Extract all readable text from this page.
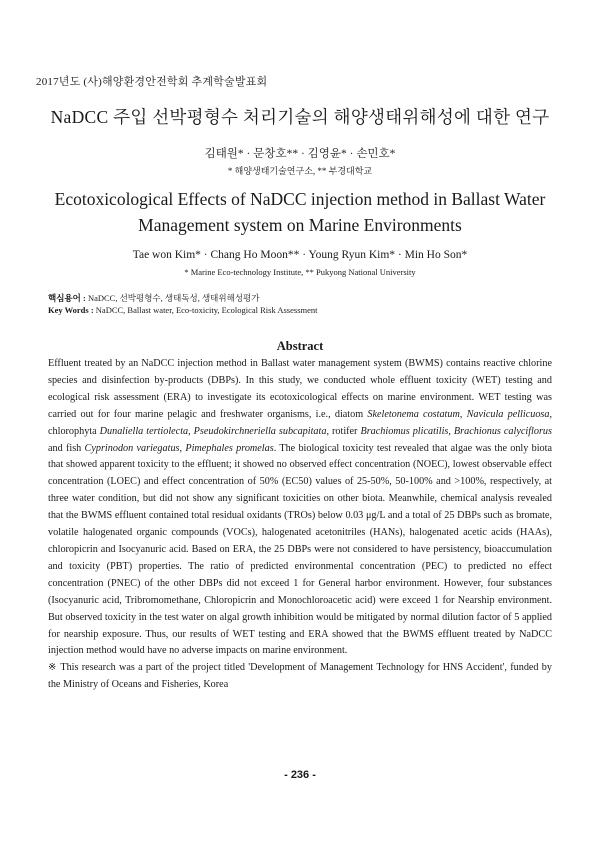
2017년도 (사)해양환경안전학회 추계학술발표회
NaDCC 주입 선박평형수 처리기술의 해양생태위해성에 대한 연구
김태원* · 문창호** · 김영윤* · 손민호*
* 해양생태기술연구소, ** 부경대학교
Ecotoxicological Effects of NaDCC injection method in Ballast Water
Management system on Marine Environments
Tae won Kim* · Chang Ho Moon** · Young Ryun Kim* · Min Ho Son*
* Marine Eco-technology Institute, ** Pukyong National University
핵심용어 : NaDCC, 선박평형수, 생태독성, 생태위해성평가
Key Words : NaDCC, Ballast water, Eco-toxicity, Ecological Risk Assessment
Abstract
Effluent treated by an NaDCC injection method in Ballast water management system (BWMS) contains reactive chlorine species and disinfection by-products (DBPs). In this study, we conducted whole effluent toxicity (WET) testing and ecological risk assessment (ERA) to investigate its ecotoxicological effects on marine environment. WET testing was carried out for four marine pelagic and freshwater organisms, i.e., diatom Skeletonema costatum, Navicula pellicuosa, chlorophyta Dunaliella tertiolecta, Pseudokirchneriella subcapitata, rotifer Brachiomus plicatilis, Brachionus calyciflorus and fish Cyprinodon variegatus, Pimephales promelas. The biological toxicity test revealed that algae was the only biota that showed apparent toxicity to the effluent; it showed no observed effect concentration (NOEC), lowest observable effect concentration (LOEC) and effect concentration of 50% (EC50) values of 25-50%, 50-100% and >100%, respectively, at three water condition, but did not show any significant toxicities on other biota. Meanwhile, chemical analysis revealed that the BWMS effluent contained total residual oxidants (TROs) below 0.03 μg/L and a total of 25 DBPs such as bromate, volatile halogenated organic compounds (VOCs), halogenated acetonitriles (HANs), halogenated acetic acids (HAAs), chloropicrin and Isocyanuric acid. Based on ERA, the 25 DBPs were not considered to have persistency, bioaccumulation and toxicity (PBT) properties. The ratio of predicted environmental concentration (PEC) to predicted no effect concentration (PNEC) of the other DBPs did not exceed 1 for General harbor environment. However, four substances (Isocyanuric acid, Tribromomethane, Chloropicrin and Monochloroacetic acid) were exceed 1 for Nearship environment. But observed toxicity in the test water on algal growth inhibition would be mitigated by normal dilution factor of 5 applied for nearship exposure. Thus, our results of WET testing and ERA showed that the BWMS effluent treated by NaDCC injection method would have no adverse impacts on marine environment.
※ This research was a part of the project titled 'Development of Management Technology for HNS Accident', funded by the Ministry of Oceans and Fisheries, Korea
- 236 -
